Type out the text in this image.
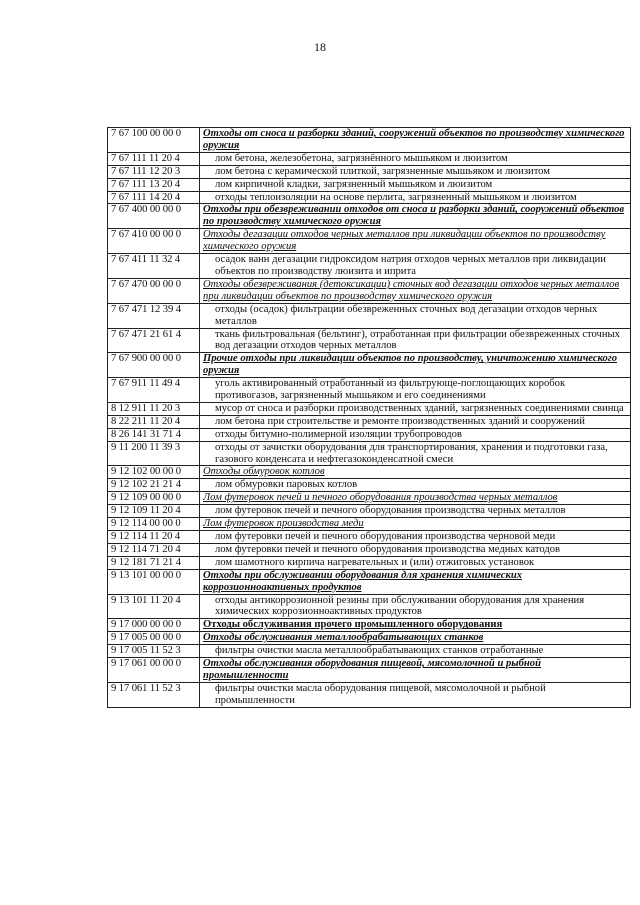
18
7 67 100 00 00 0	Отходы от сноса и разборки зданий, сооружений объектов по производству химического оружия
7 67 111 11 20 4	лом бетона, железобетона, загрязнённого мышьяком и люизитом
7 67 111 12 20 3	лом бетона с керамической плиткой, загрязненные мышьяком и люизитом
7 67 111 13 20 4	лом кирпичной кладки, загрязненный мышьяком и люизитом
7 67 111 14 20 4	отходы теплоизоляции на основе перлита, загрязненный мышьяком и люизитом
7 67 400 00 00 0	Отходы при обезвреживании отходов от сноса и разборки зданий, сооружений объектов по производству химического оружия
7 67 410 00 00 0	Отходы дегазации отходов черных металлов при ликвидации объектов по производству химического оружия
7 67 411 11 32 4	осадок ванн дегазации гидроксидом натрия отходов черных металлов при ликвидации объектов по производству люизита и иприта
7 67 470 00 00 0	Отходы обезвреживания (детоксикации) сточных вод дегазации отходов черных металлов при ликвидации объектов по производству химического оружия
7 67 471 12 39 4	отходы (осадок) фильтрации обезвреженных сточных вод дегазации отходов черных металлов
7 67 471 21 61 4	ткань фильтровальная (бельтинг), отработанная при фильтрации обезвреженных сточных вод дегазации отходов черных металлов
7 67 900 00 00 0	Прочие отходы при ликвидации объектов по производству, уничтожению химического оружия
7 67 911 11 49 4	уголь активированный отработанный из фильтрующе-поглощающих коробок противогазов, загрязненный мышьяком и его соединениями
8 12 911 11 20 3	мусор от сноса и разборки производственных зданий, загрязненных соединениями свинца
8 22 211 11 20 4	лом бетона при строительстве и ремонте производственных зданий и сооружений
8 26 141 31 71 4	отходы битумно-полимерной изоляции трубопроводов
9 11 200 11 39 3	отходы от зачистки оборудования для транспортирования, хранения и подготовки газа, газового конденсата и нефтегазоконденсатной смеси
9 12 102 00 00 0	Отходы обмуровок котлов
9 12 102 21 21 4	лом обмуровки паровых котлов
9 12 109 00 00 0	Лом футеровок печей и печного оборудования производства черных металлов
9 12 109 11 20 4	лом футеровок печей и печного оборудования производства черных металлов
9 12 114 00 00 0	Лом футеровок производства меди
9 12 114 11 20 4	лом футеровки печей и печного оборудования производства черновой меди
9 12 114 71 20 4	лом футеровки печей и печного оборудования производства медных катодов
9 12 181 71 21 4	лом шамотного кирпича нагревательных и (или) отжиговых установок
9 13 101 00 00 0	Отходы при обслуживании оборудования для хранения химических коррозионноактивных продуктов
9 13 101 11 20 4	отходы антикоррозионной резины при обслуживании оборудования для хранения химических коррозионноактивных продуктов
9 17 000 00 00 0	Отходы обслуживания прочего промышленного оборудования
9 17 005 00 00 0	Отходы обслуживания металлообрабатывающих станков
9 17 005 11 52 3	фильтры очистки масла металлообрабатывающих станков отработанные
9 17 061 00 00 0	Отходы обслуживания оборудования пищевой, мясомолочной и рыбной промышленности
9 17 061 11 52 3	фильтры очистки масла оборудования пищевой, мясомолочной и рыбной промышленности
